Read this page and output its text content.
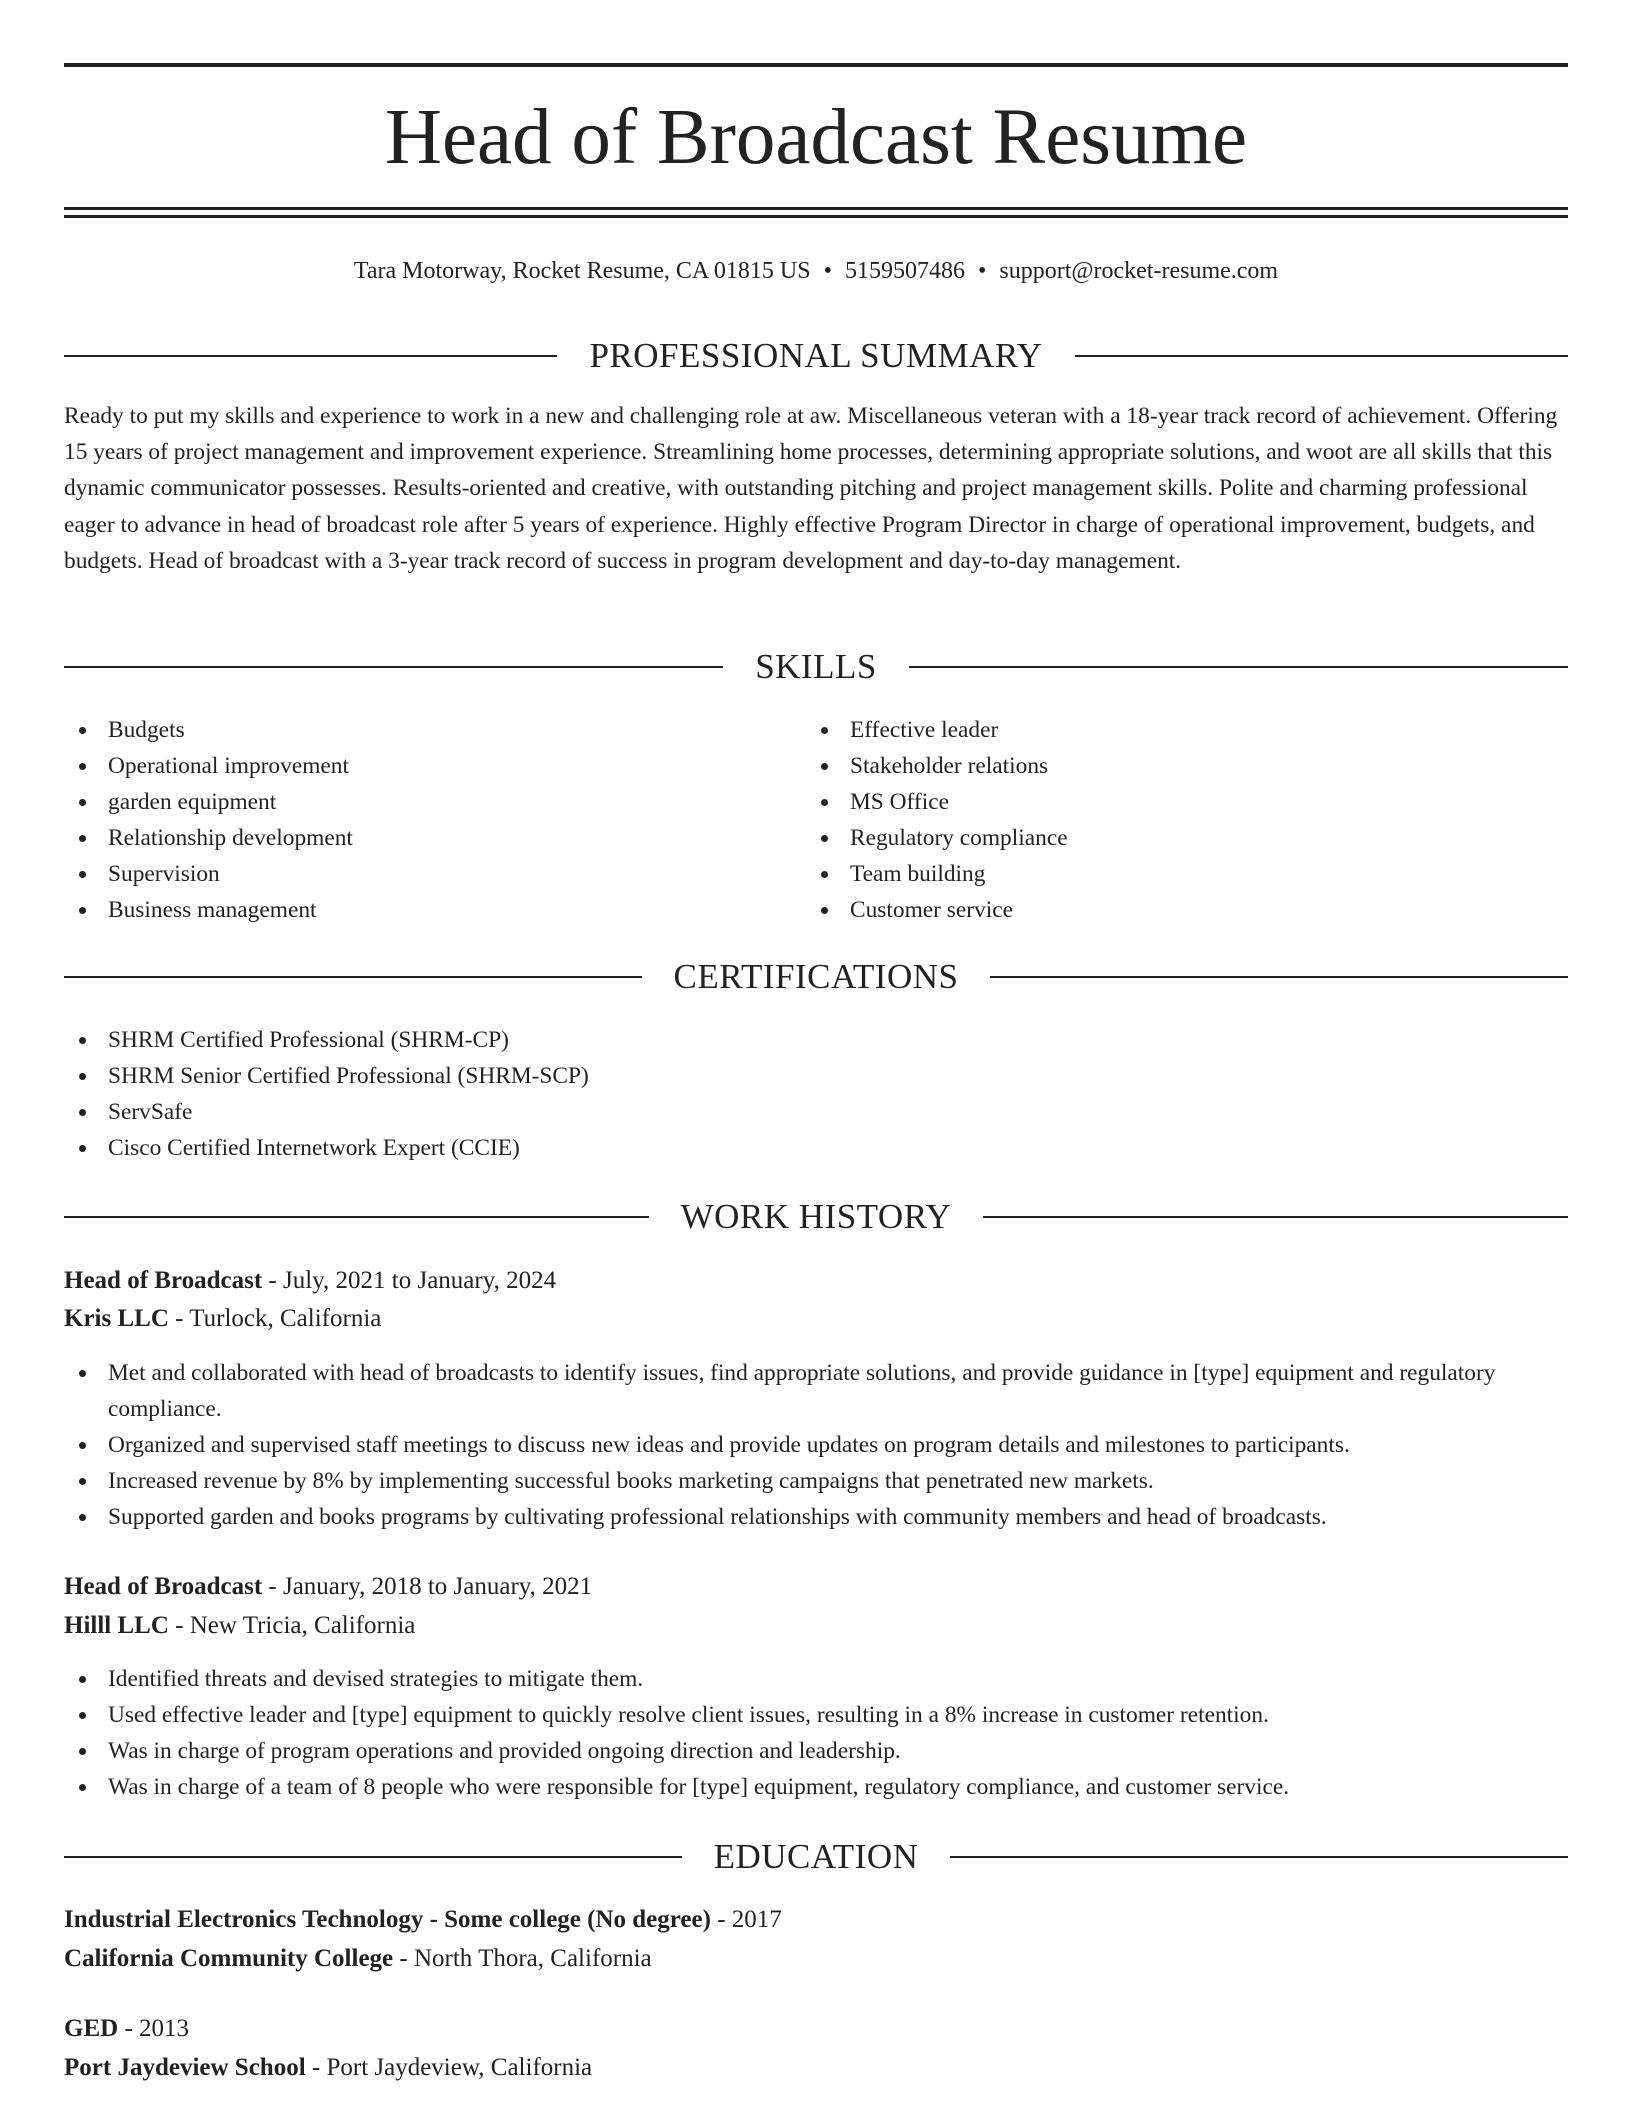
Head of Broadcast Resume
Tara Motorway, Rocket Resume, CA 01815 US • 5159507486 • support@rocket-resume.com
PROFESSIONAL SUMMARY

Ready to put my skills and experience to work in a new and challenging role at aw. Miscellaneous veteran with a 18-year track record of achievement. Offering 15 years of project management and improvement experience. Streamlining home processes, determining appropriate solutions, and woot are all skills that this dynamic communicator possesses. Results-oriented and creative, with outstanding pitching and project management skills. Polite and charming professional eager to advance in head of broadcast role after 5 years of experience. Highly effective Program Director in charge of operational improvement, budgets, and budgets. Head of broadcast with a 3-year track record of success in program development and day-to-day management.

SKILLS
Budgets
Operational improvement
garden equipment
Relationship development
Supervision
Business management
Effective leader
Stakeholder relations
MS Office
Regulatory compliance
Team building
Customer service
CERTIFICATIONS
SHRM Certified Professional (SHRM-CP)
SHRM Senior Certified Professional (SHRM-SCP)
ServSafe
Cisco Certified Internetwork Expert (CCIE)
WORK HISTORY
Head of Broadcast - July, 2021 to January, 2024
Kris LLC - Turlock, California
Met and collaborated with head of broadcasts to identify issues, find appropriate solutions, and provide guidance in [type] equipment and regulatory compliance.
Organized and supervised staff meetings to discuss new ideas and provide updates on program details and milestones to participants.
Increased revenue by 8% by implementing successful books marketing campaigns that penetrated new markets.
Supported garden and books programs by cultivating professional relationships with community members and head of broadcasts.
Head of Broadcast - January, 2018 to January, 2021
Hilll LLC - New Tricia, California
Identified threats and devised strategies to mitigate them.
Used effective leader and [type] equipment to quickly resolve client issues, resulting in a 8% increase in customer retention.
Was in charge of program operations and provided ongoing direction and leadership.
Was in charge of a team of 8 people who were responsible for [type] equipment, regulatory compliance, and customer service.
EDUCATION
Industrial Electronics Technology - Some college (No degree) - 2017
California Community College - North Thora, California
GED - 2013
Port Jaydeview School - Port Jaydeview, California
